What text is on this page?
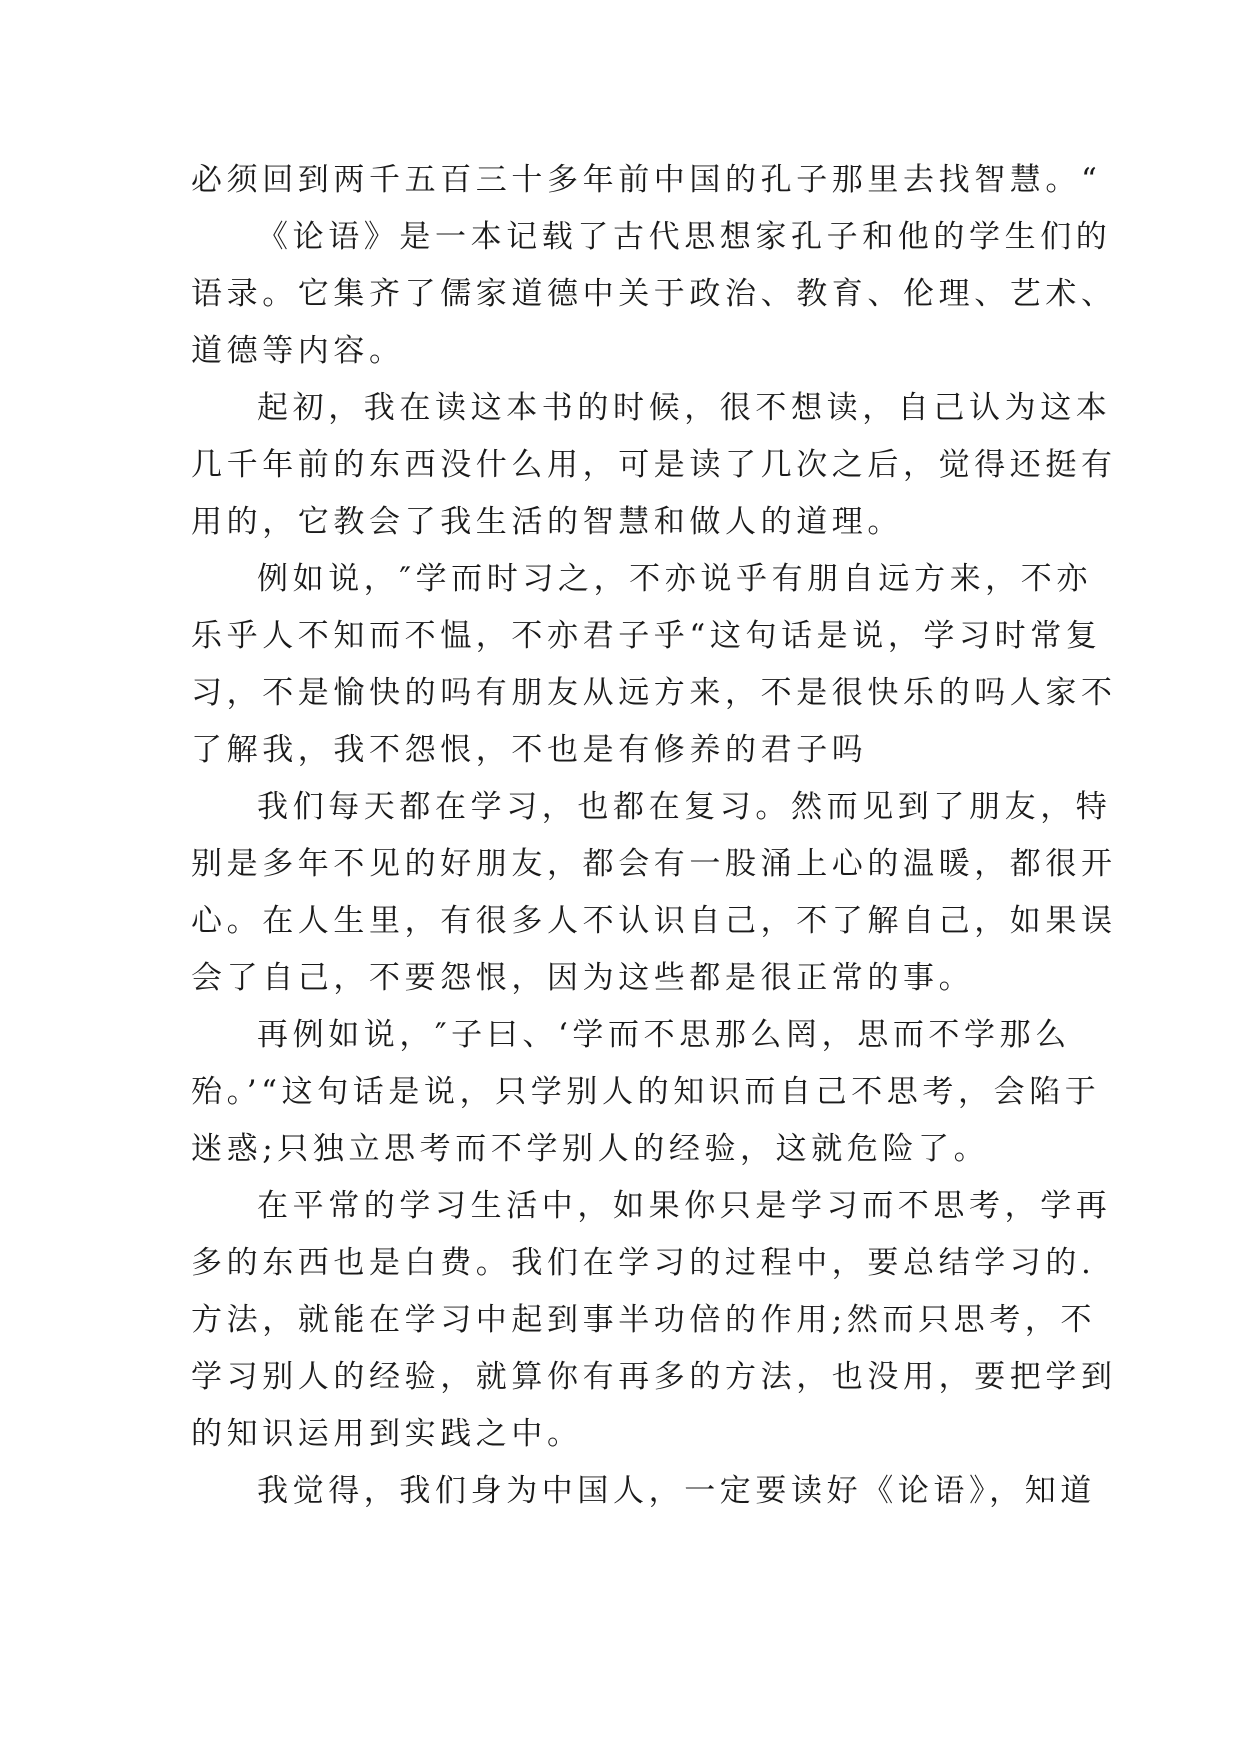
必须回到两千五百三十多年前中国的孔子那里去找智慧。“
《论语》是一本记载了古代思想家孔子和他的学生们的
语录。它集齐了儒家道德中关于政治、教育、伦理、艺术、
道德等内容。
起初，我在读这本书的时候，很不想读，自己认为这本
几千年前的东西没什么用，可是读了几次之后，觉得还挺有
用的，它教会了我生活的智慧和做人的道理。
例如说，″学而时习之，不亦说乎有朋自远方来，不亦
乐乎人不知而不愠，不亦君子乎“这句话是说，学习时常复
习，不是愉快的吗有朋友从远方来，不是很快乐的吗人家不
了解我，我不怨恨，不也是有修养的君子吗
我们每天都在学习，也都在复习。然而见到了朋友，特
别是多年不见的好朋友，都会有一股涌上心的温暖，都很开
心。在人生里，有很多人不认识自己，不了解自己，如果误
会了自己，不要怨恨，因为这些都是很正常的事。
再例如说，″子曰、‘学而不思那么罔，思而不学那么
殆。’“这句话是说，只学别人的知识而自己不思考，会陷于
迷惑;只独立思考而不学别人的经验，这就危险了。
在平常的学习生活中，如果你只是学习而不思考，学再
多的东西也是白费。我们在学习的过程中，要总结学习的.
方法，就能在学习中起到事半功倍的作用;然而只思考，不
学习别人的经验，就算你有再多的方法，也没用，要把学到
的知识运用到实践之中。
我觉得，我们身为中国人，一定要读好《论语》，知道
